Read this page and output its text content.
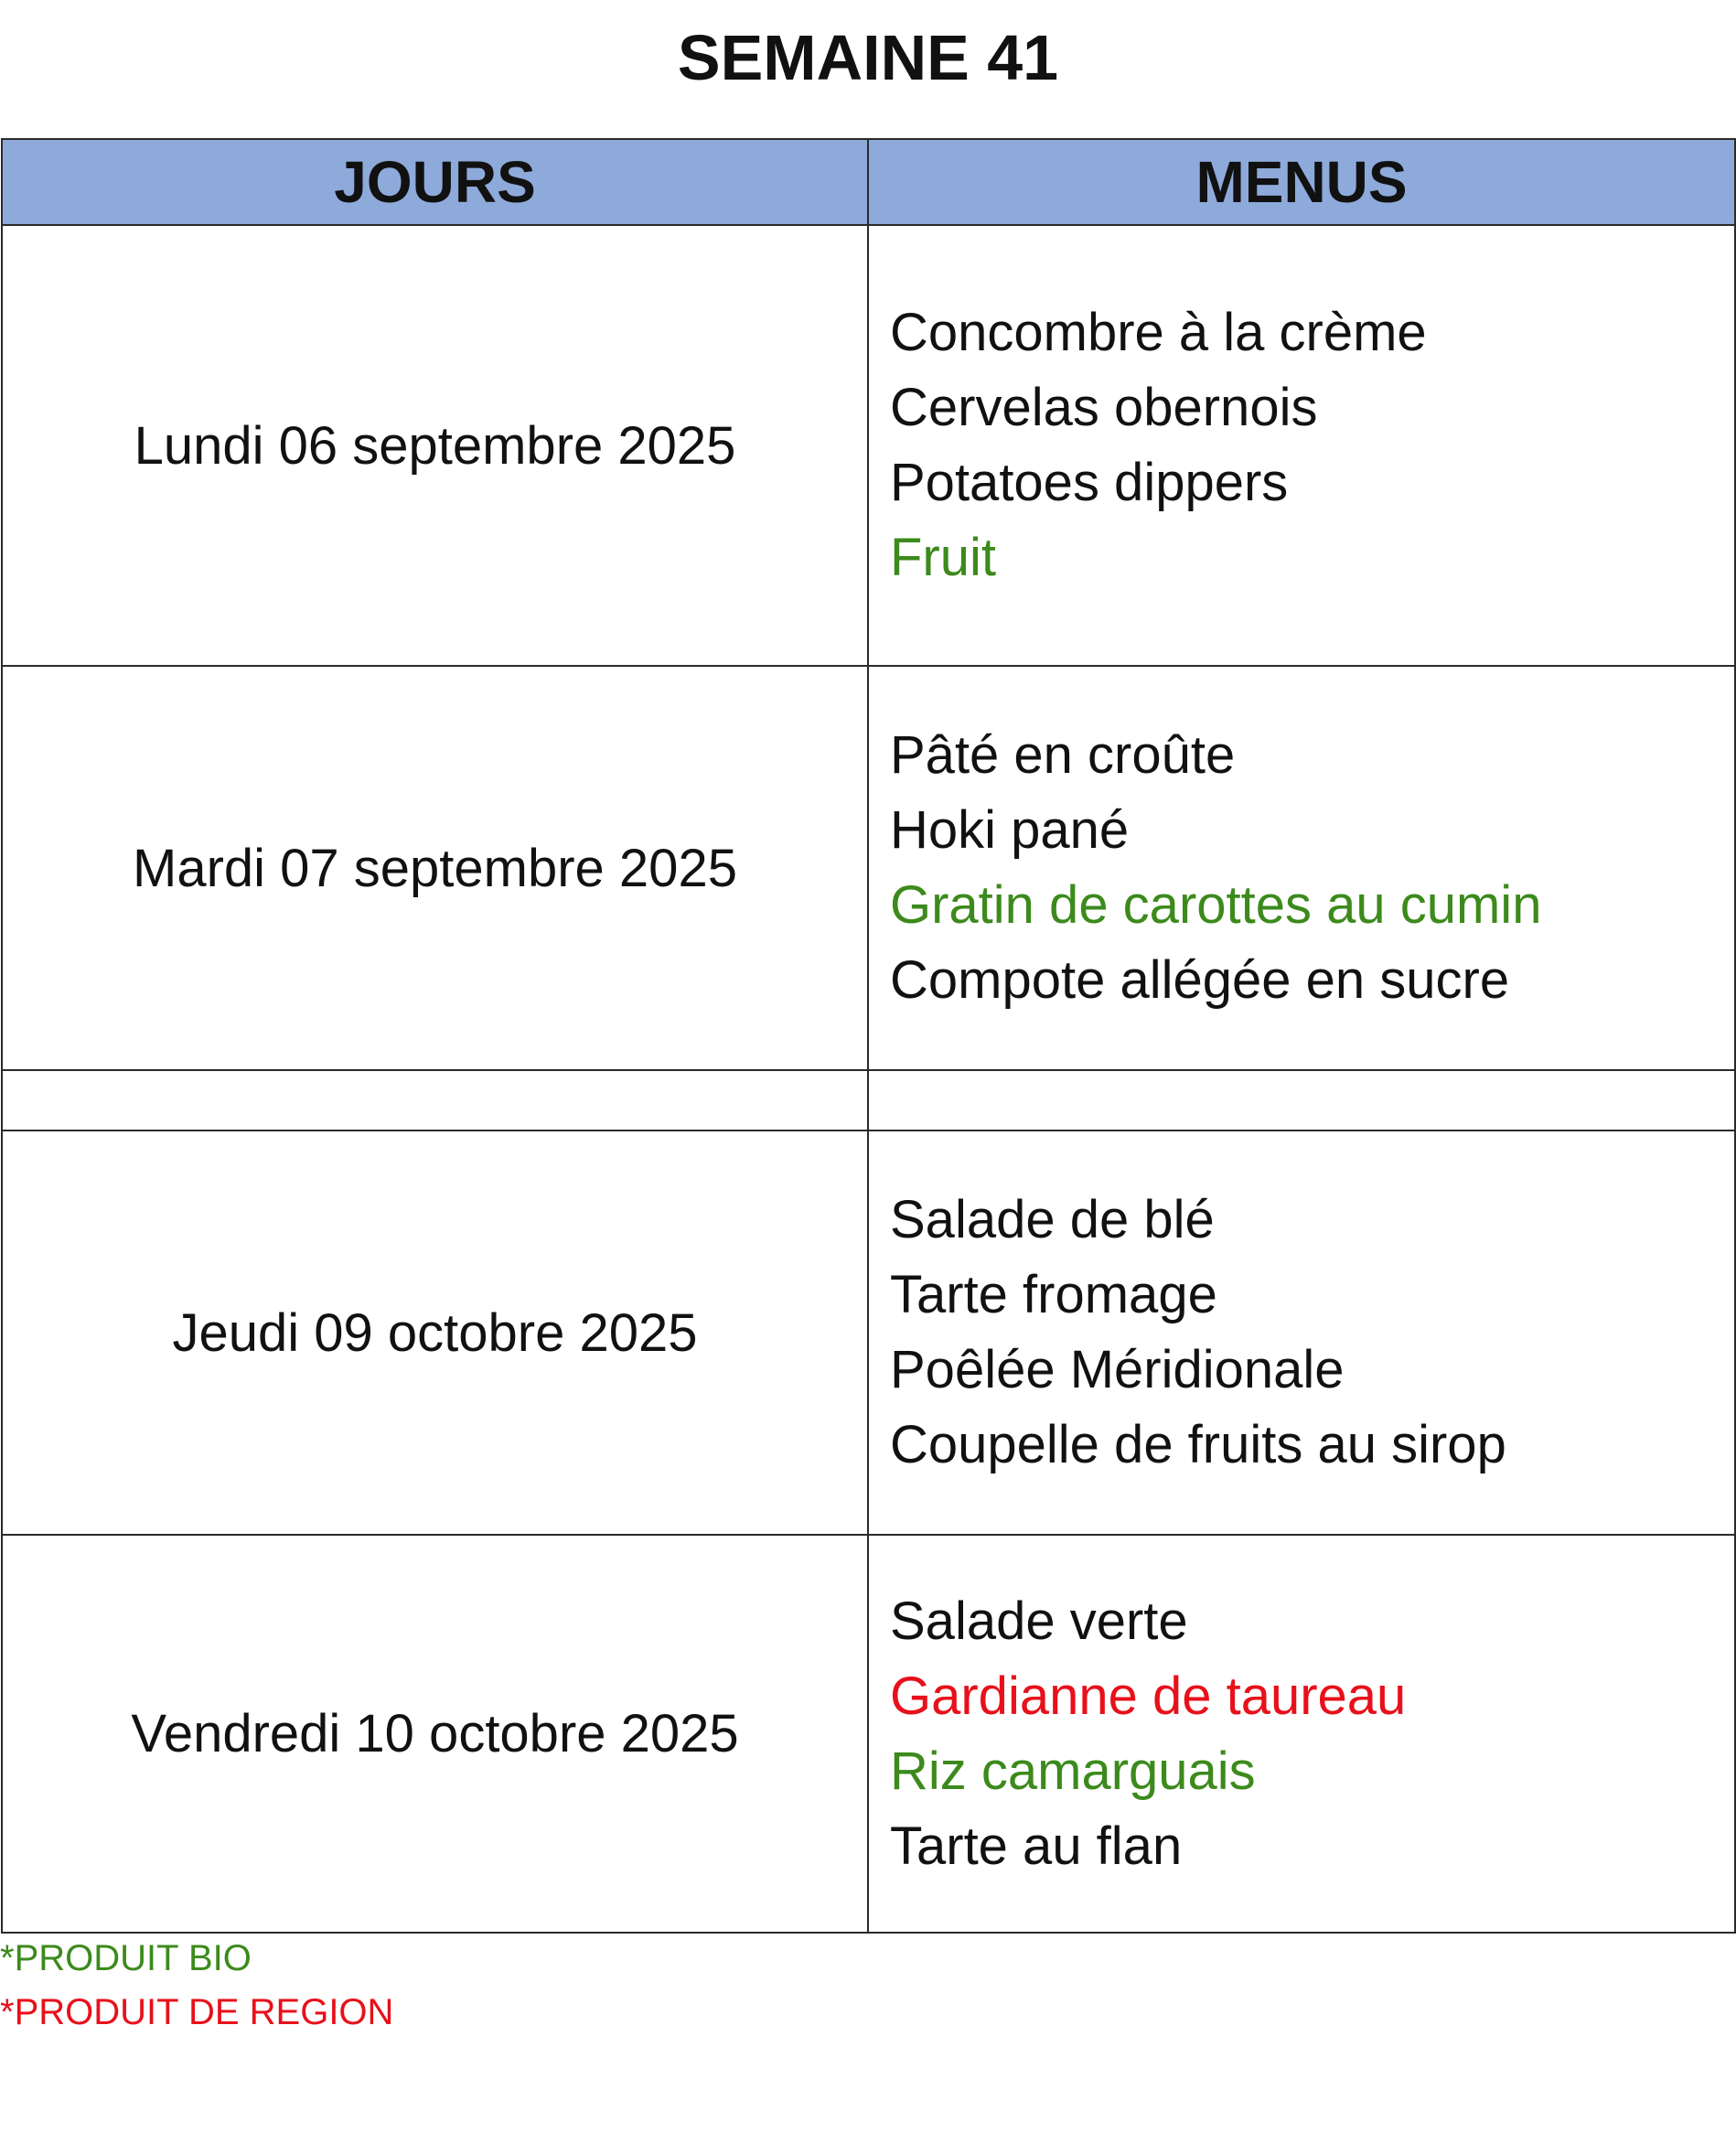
SEMAINE 41
JOURS	MENUS
Lundi 06 septembre 2025	Concombre à la crème
Cervelas obernois
Potatoes dippers
Fruit

Mardi 07 septembre 2025	Pâté en croûte
Hoki pané
Gratin de carottes au cumin
Compote allégée en sucre

Jeudi 09 octobre 2025	Salade de blé
Tarte fromage
Poêlée Méridionale
Coupelle de fruits au sirop

Vendredi 10 octobre 2025	Salade verte
Gardianne de taureau
Riz camarguais
Tarte au flan
*PRODUIT BIO
*PRODUIT DE REGION
